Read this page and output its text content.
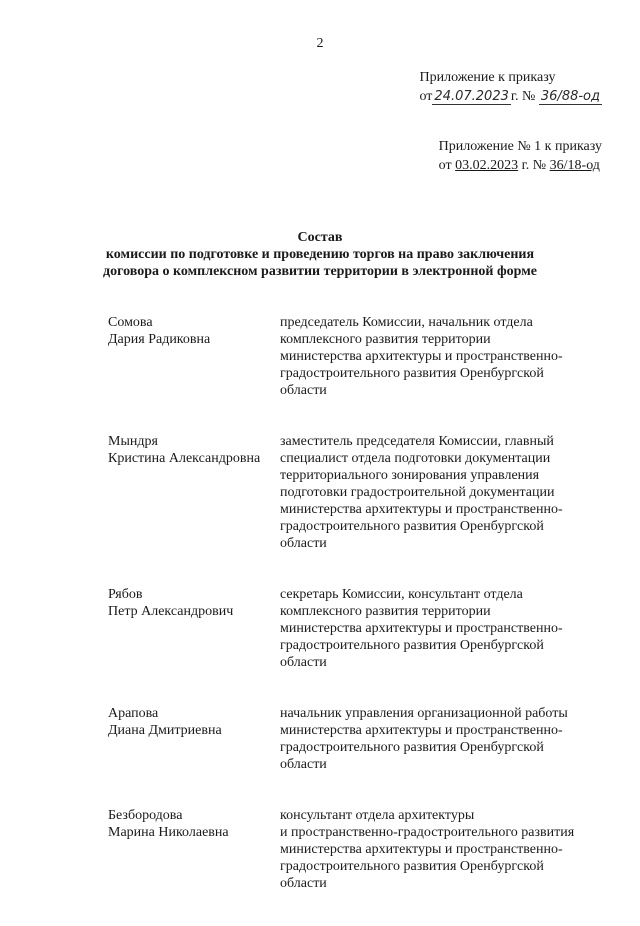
2
Приложение к приказу
от 24.07.2023 г. № 36/88-од
Приложение № 1 к приказу
от 03.02.2023 г. № 36/18-од
Состав
комиссии по подготовке и проведению торгов на право заключения
договора о комплексном развитии территории в электронной форме
Сомова
Дария Радиковна
председатель Комиссии, начальник отдела
комплексного развития территории
министерства архитектуры и пространственно-
градостроительного развития Оренбургской
области
Мындря
Кристина Александровна
заместитель председателя Комиссии, главный
специалист отдела подготовки документации
территориального зонирования управления
подготовки градостроительной документации
министерства архитектуры и пространственно-
градостроительного развития Оренбургской
области
Рябов
Петр Александрович
секретарь Комиссии, консультант отдела
комплексного развития территории
министерства архитектуры и пространственно-
градостроительного развития Оренбургской
области
Арапова
Диана Дмитриевна
начальник управления организационной работы
министерства архитектуры и пространственно-
градостроительного развития Оренбургской
области
Безбородова
Марина Николаевна
консультант отдела архитектуры
и пространственно-градостроительного развития
министерства архитектуры и пространственно-
градостроительного развития Оренбургской
области
